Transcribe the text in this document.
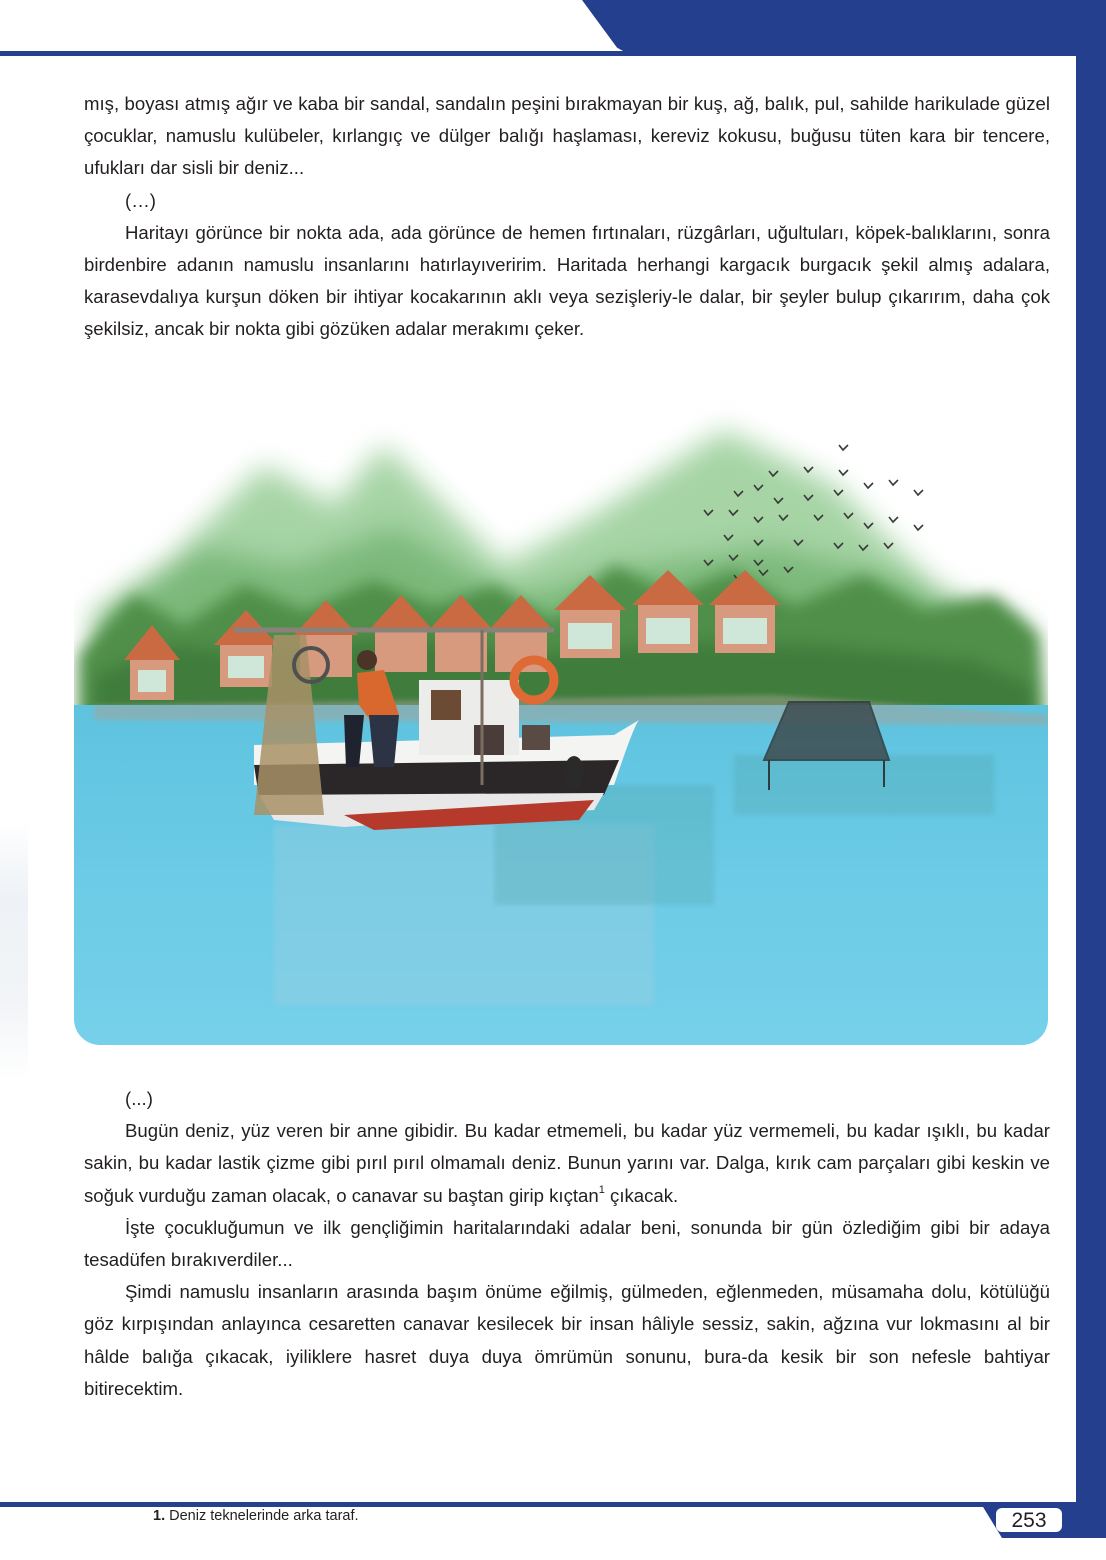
mış, boyası atmış ağır ve kaba bir sandal, sandalın peşini bırakmayan bir kuş, ağ, balık, pul, sahilde harikulade güzel çocuklar, namuslu kulübeler, kırlangıç ve dülger balığı haşlaması, kereviz kokusu, buğusu tüten kara bir tencere, ufukları dar sisli bir deniz...

(…)

Haritayı görünce bir nokta ada, ada görünce de hemen fırtınaları, rüzgârları, uğultuları, köpek-balıklarını, sonra birdenbire adanın namuslu insanlarını hatırlayıveririm. Haritada herhangi kargacık burgacık şekil almış adalara, karasevdalıya kurşun döken bir ihtiyar kocakarının aklı veya sezişleriy-le dalar, bir şeyler bulup çıkarırım, daha çok şekilsiz, ancak bir nokta gibi gözüken adalar merakımı çeker.

(...)

Bugün deniz, yüz veren bir anne gibidir. Bu kadar etmemeli, bu kadar yüz vermemeli, bu kadar ışıklı, bu kadar sakin, bu kadar lastik çizme gibi pırıl pırıl olmamalı deniz. Bunun yarını var. Dalga, kırık cam parçaları gibi keskin ve soğuk vurduğu zaman olacak, o canavar su baştan girip kıçtan$^1$ çıkacak.

İşte çocukluğumun ve ilk gençliğimin haritalarındaki adalar beni, sonunda bir gün özlediğim gibi bir adaya tesadüfen bırakıverdiler...

Şimdi namuslu insanların arasında başım önüme eğilmiş, gülmeden, eğlenmeden, müsamaha dolu, kötülüğü göz kırpışından anlayınca cesaretten canavar kesilecek bir insan hâliyle sessiz, sakin, ağzına vur lokmasını al bir hâlde balığa çıkacak, iyiliklere hasret duya duya ömrümün sonunu, bura-da kesik bir son nefesle bahtiyar bitirecektim.

253
1. Deniz teknelerinde arka taraf.
